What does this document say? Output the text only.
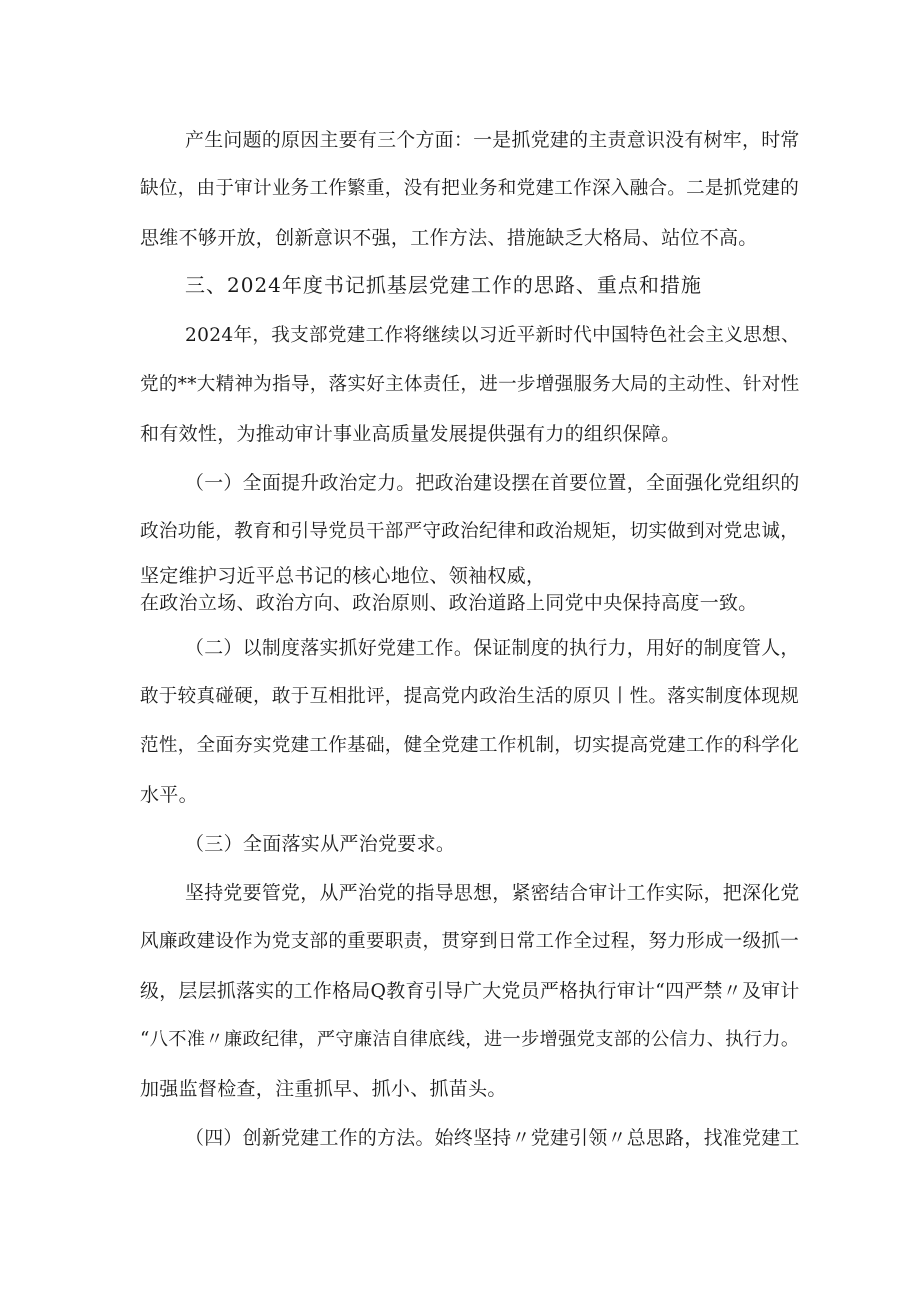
产生问题的原因主要有三个方面：一是抓党建的主责意识没有树牢，时常
缺位，由于审计业务工作繁重，没有把业务和党建工作深入融合。二是抓党建的
思维不够开放，创新意识不强，工作方法、措施缺乏大格局、站位不高。
三、2024年度书记抓基层党建工作的思路、重点和措施
2024年，我支部党建工作将继续以习近平新时代中国特色社会主义思想、
党的**大精神为指导，落实好主体责任，进一步增强服务大局的主动性、针对性
和有效性，为推动审计事业高质量发展提供强有力的组织保障。
（一）全面提升政治定力。把政治建设摆在首要位置，全面强化党组织的
政治功能，教育和引导党员干部严守政治纪律和政治规矩，切实做到对党忠诚，
坚定维护习近平总书记的核心地位、领袖权威，
在政治立场、政治方向、政治原则、政治道路上同党中央保持高度一致。
（二）以制度落实抓好党建工作。保证制度的执行力，用好的制度管人，
敢于较真碰硬，敢于互相批评，提高党内政治生活的原贝丨性。落实制度体现规
范性，全面夯实党建工作基础，健全党建工作机制，切实提高党建工作的科学化
水平。
（三）全面落实从严治党要求。
坚持党要管党，从严治党的指导思想，紧密结合审计工作实际，把深化党
风廉政建设作为党支部的重要职责，贯穿到日常工作全过程，努力形成一级抓一
级，层层抓落实的工作格局Q教育引导广大党员严格执行审计“四严禁〃及审计
“八不准〃廉政纪律，严守廉洁自律底线，进一步增强党支部的公信力、执行力。
加强监督检查，注重抓早、抓小、抓苗头。
（四）创新党建工作的方法。始终坚持〃党建引领〃总思路，找准党建工
